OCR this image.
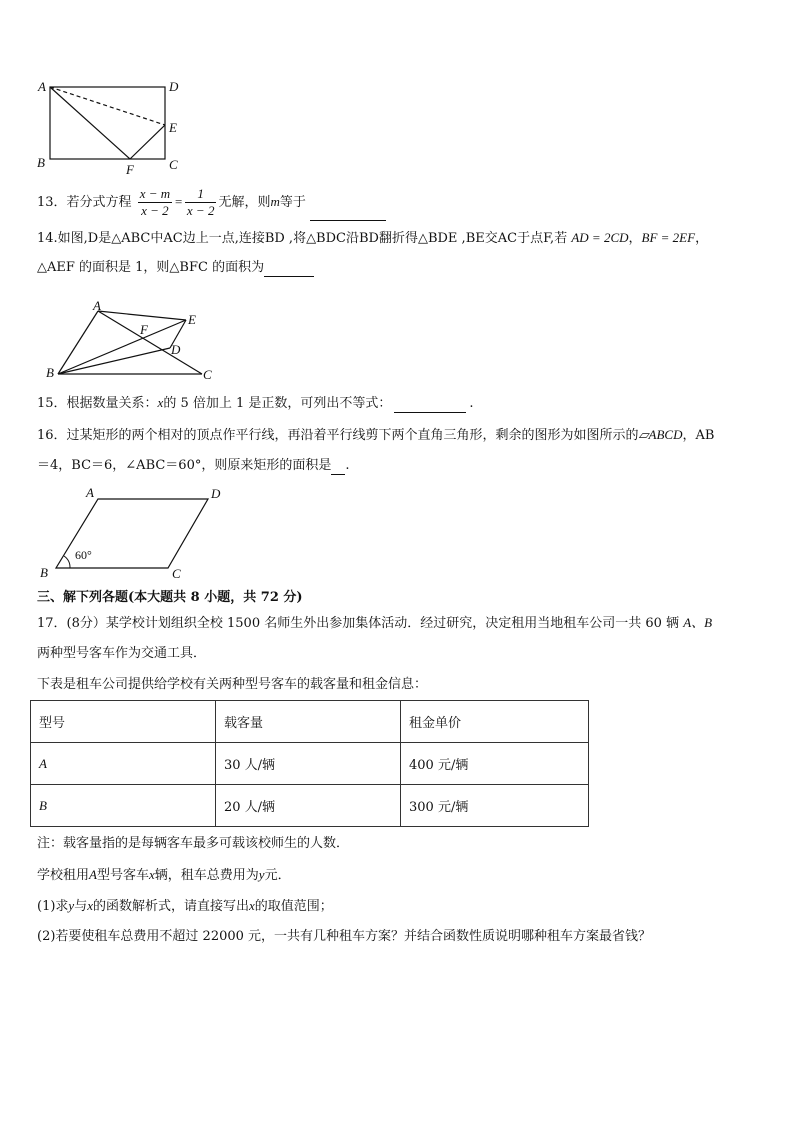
A	D
E
B	F	C
13．若分式方程 $\frac{x - m}{x - 2} = \frac{1}{x - 2}$ 无解，则m等于
14.如图,D是△ABC中AC边上一点,连接BD ,将△BDC沿BD翻折得△BDE ,BE交AC于点F,若 AD = 2CD，BF = 2EF，
△AEF 的面积是 1，则△BFC 的面积为
A
E
F
D
B	C
15．根据数量关系：x的 5 倍加上 1 是正数，可列出不等式：	.
16．过某矩形的两个相对的顶点作平行线，再沿着平行线剪下两个直角三角形，剩余的图形为如图所示的▱ABCD，AB
＝4，BC＝6，∠ABC＝60°，则原来矩形的面积是 .
A	D
B	C
60°
三、解下列各题(本大题共 8 小题，共 72 分)
17．(8分）某学校计划组织全校 1500 名师生外出参加集体活动．经过研究，决定租用当地租车公司一共 60 辆 A、B
两种型号客车作为交通工具．
下表是租车公司提供给学校有关两种型号客车的载客量和租金信息：
型号	载客量	租金单价
A	30 人/辆	400 元/辆
B	20 人/辆	300 元/辆
注：载客量指的是每辆客车最多可载该校师生的人数．
学校租用A型号客车x辆，租车总费用为y元．
(1)求y与x的函数解析式，请直接写出x的取值范围；
(2)若要使租车总费用不超过 22000 元，一共有几种租车方案？并结合函数性质说明哪种租车方案最省钱？
